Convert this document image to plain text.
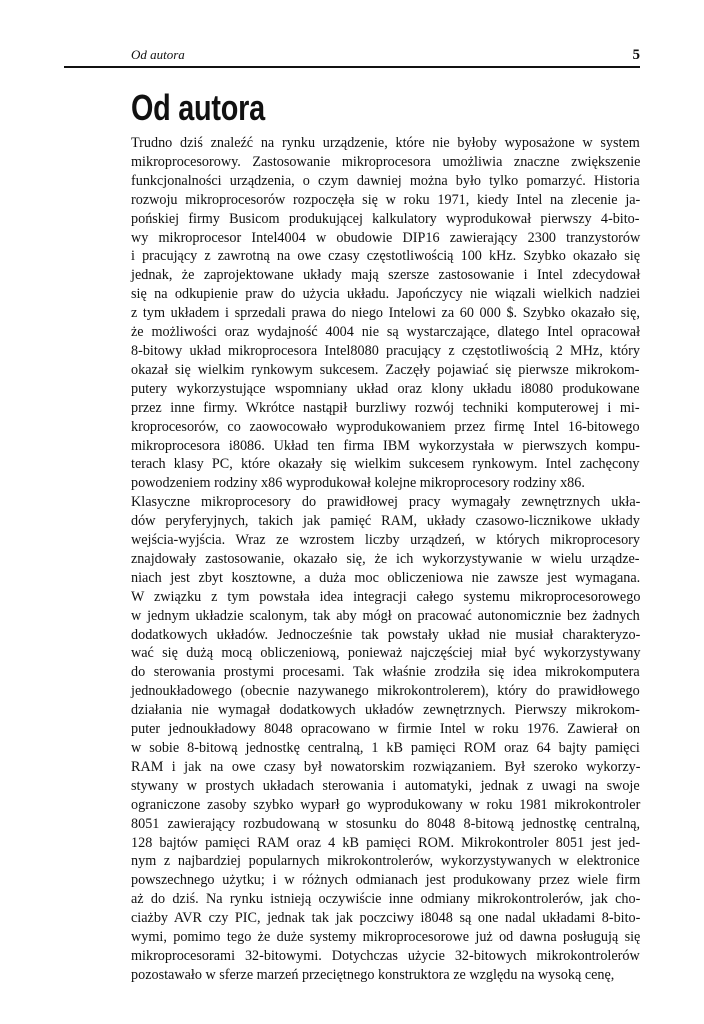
Od autora	5
Od autora

Trudno dziś znaleźć na rynku urządzenie, które nie byłoby wyposażone w system
mikroprocesorowy. Zastosowanie mikroprocesora umożliwia znaczne zwiększenie
funkcjonalności urządzenia, o czym dawniej można było tylko pomarzyć. Historia
rozwoju mikroprocesorów rozpoczęła się w roku 1971, kiedy Intel na zlecenie ja-
pońskiej firmy Busicom produkującej kalkulatory wyprodukował pierwszy 4-bito-
wy mikroprocesor Intel4004 w obudowie DIP16 zawierający 2300 tranzystorów
i pracujący z zawrotną na owe czasy częstotliwością 100 kHz. Szybko okazało się
jednak, że zaprojektowane układy mają szersze zastosowanie i Intel zdecydował
się na odkupienie praw do użycia układu. Japończycy nie wiązali wielkich nadziei
z tym układem i sprzedali prawa do niego Intelowi za 60 000 $. Szybko okazało się,
że możliwości oraz wydajność 4004 nie są wystarczające, dlatego Intel opracował
8-bitowy układ mikroprocesora Intel8080 pracujący z częstotliwością 2 MHz, który
okazał się wielkim rynkowym sukcesem. Zaczęły pojawiać się pierwsze mikrokom-
putery wykorzystujące wspomniany układ oraz klony układu i8080 produkowane
przez inne firmy. Wkrótce nastąpił burzliwy rozwój techniki komputerowej i mi-
kroprocesorów, co zaowocowało wyprodukowaniem przez firmę Intel 16-bitowego
mikroprocesora i8086. Układ ten firma IBM wykorzystała w pierwszych kompu-
terach klasy PC, które okazały się wielkim sukcesem rynkowym. Intel zachęcony
powodzeniem rodziny x86 wyprodukował kolejne mikroprocesory rodziny x86.

Klasyczne mikroprocesory do prawidłowej pracy wymagały zewnętrznych ukła-
dów peryferyjnych, takich jak pamięć RAM, układy czasowo-licznikowe układy
wejścia-wyjścia. Wraz ze wzrostem liczby urządzeń, w których mikroprocesory
znajdowały zastosowanie, okazało się, że ich wykorzystywanie w wielu urządze-
niach jest zbyt kosztowne, a duża moc obliczeniowa nie zawsze jest wymagana.
W związku z tym powstała idea integracji całego systemu mikroprocesorowego
w jednym układzie scalonym, tak aby mógł on pracować autonomicznie bez żadnych
dodatkowych układów. Jednocześnie tak powstały układ nie musiał charakteryzo-
wać się dużą mocą obliczeniową, ponieważ najczęściej miał być wykorzystywany
do sterowania prostymi procesami. Tak właśnie zrodziła się idea mikrokomputera
jednoukładowego (obecnie nazywanego mikrokontrolerem), który do prawidłowego
działania nie wymagał dodatkowych układów zewnętrznych. Pierwszy mikrokom-
puter jednoukładowy 8048 opracowano w firmie Intel w roku 1976. Zawierał on
w sobie 8-bitową jednostkę centralną, 1 kB pamięci ROM oraz 64 bajty pamięci
RAM i jak na owe czasy był nowatorskim rozwiązaniem. Był szeroko wykorzy-
stywany w prostych układach sterowania i automatyki, jednak z uwagi na swoje
ograniczone zasoby szybko wyparł go wyprodukowany w roku 1981 mikrokontroler
8051 zawierający rozbudowaną w stosunku do 8048 8-bitową jednostkę centralną,
128 bajtów pamięci RAM oraz 4 kB pamięci ROM. Mikrokontroler 8051 jest jed-
nym z najbardziej popularnych mikrokontrolerów, wykorzystywanych w elektronice
powszechnego użytku; i w różnych odmianach jest produkowany przez wiele firm
aż do dziś. Na rynku istnieją oczywiście inne odmiany mikrokontrolerów, jak cho-
ciażby AVR czy PIC, jednak tak jak poczciwy i8048 są one nadal układami 8-bito-
wymi, pomimo tego że duże systemy mikroprocesorowe już od dawna posługują się
mikroprocesorami 32-bitowymi. Dotychczas użycie 32-bitowych mikrokontrolerów
pozostawało w sferze marzeń przeciętnego konstruktora ze względu na wysoką cenę,
